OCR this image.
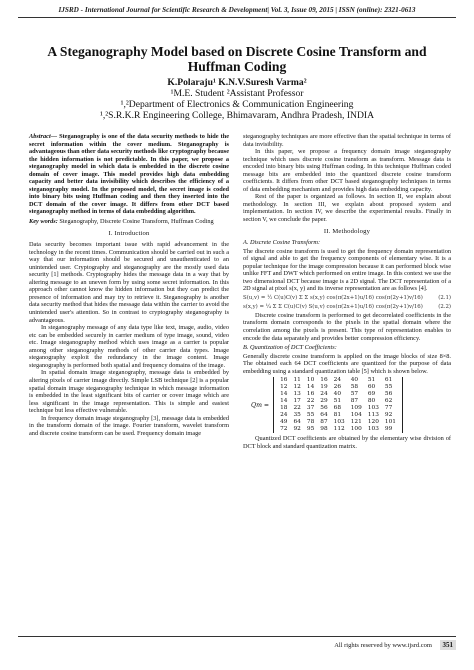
IJSRD - International Journal for Scientific Research & Development| Vol. 3, Issue 09, 2015 | ISSN (online): 2321-0613
A Steganography Model based on Discrete Cosine Transform and Huffman Coding
K.Polaraju¹ K.N.V.Suresh Varma²
¹M.E. Student ²Assistant Professor
¹,²Department of Electronics & Communication Engineering
¹,²S.R.K.R Engineering College, Bhimavaram, Andhra Pradesh, INDIA

Abstract— Steganography is one of the data security methods to hide the secret information within the cover medium. Steganography is advantageous than other data security methods like cryptography because the hidden information is not predictable. In this paper, we propose a steganography model in which data is embedded in the discrete cosine domain of cover image. This model provides high data embedding capacity and better data invisibility which describes the efficiency of a steganography model. In the proposed model, the secret image is coded into binary bits using Huffman coding and then they inserted into the DCT domain of the cover image. It differs from other DCT based steganography method in terms of data embedding algorithm.

Key words: Steganography, Discrete Cosine Transform, Huffman Coding

I. Introduction

Data security becomes important issue with rapid advancement in the technology in the recent times. Communication should be carried out in such a way that our information should be secured and unauthenticated to an unintended user. Cryptography and steganography are the mostly used data security [1] methods. Cryptography hides the message data in a way that by altering message to an uneven form by using some secret information. In this approach other cannot know the hidden information but they can predict the presence of information and may try to retrieve it. Steganography is another data security method that hides the message data within the carrier to avoid the unintended user's attention. So in contrast to cryptography steganography is advantageous.

In steganography message of any data type like text, image, audio, video etc can be embedded securely in carrier medium of type image, sound, video etc. Image steganography method which uses image as a carrier is popular among other steganography methods of other carrier data types. Image steganography exploit the redundancy in the image content. Image steganography is performed both spatial and frequency domains of the image.

In spatial domain image steganography, message data is embedded by altering pixels of carrier image directly. Simple LSB technique [2] is a popular spatial domain image steganography technique in which message information is embedded in the least significant bits of carrier or cover image which are less significant in the image representation. This is simple and easiest technique but less effective vulnerable.

In frequency domain image steganography [3], message data is embedded in the transform domain of the image. Fourier transform, wavelet transform and discrete cosine transform can be used. Frequency domain image

steganography techniques are more effective than the spatial technique in terms of data invisibility.

In this paper, we propose a frequency domain image steganography technique which uses discrete cosine transform as transform. Message data is encoded into binary bits using Huffman coding. In this technique Huffman coded message bits are embedded into the quantized discrete cosine transform coefficients. It differs from other DCT based steganography techniques in terms of data embedding mechanism and provides high data embedding capacity.

Rest of the paper is organized as follows. In section II, we explain about methodology. In section III, we explain about proposed system and implementation. In section IV, we describe the experimental results. Finally in section V, we conclude the paper.

II. Methodology
A. Discrete Cosine Transform:

The discrete cosine transform is used to get the frequency domain representation of signal and able to get the frequency components of elementary wise. It is a popular technique for the image compression because it can performed block wise unlike FFT and DWT which performed on entire image. In this context we use the two dimensional DCT because image is a 2D signal. The DCT representation of a 2D signal at pixel s(x, y) and its inverse representation are as follows [4].

S(u,v) = ½ C(u)C(v) Σ Σ s(x,y) cos(π(2x+1)u/16) cos(π(2y+1)v/16)	(2.1)
s(x,y) = ¼ Σ Σ C(u)C(v) S(u,v) cos(π(2x+1)u/16) cos(π(2y+1)v/16)	(2.2)

Discrete cosine transform is performed to get decorrelated coefficients in the transform domain corresponds to the pixels in the spatial domain where the correlation among the pixels is present. This type of representation enables to encode the data separately and provides better compression efficiency.

B. Quantization of DCT Coefficients:

Generally discrete cosine transform is applied on the image blocks of size 8×8. The obtained each 64 DCT coefficients are quantized for the purpose of data embedding using a standard quantization table [5] which is shown below.

Qm =
16	11	10	16	24	40	51	61
12	12	14	19	26	58	60	55
14	13	16	24	40	57	69	56
14	17	22	29	51	87	80	62
18	22	37	56	68	109	103	77
24	35	55	64	81	104	113	92
49	64	78	87	103	121	120	101
72	92	95	98	112	100	103	99

Quantized DCT coefficients are obtained by the elementary wise division of DCT block and standard quantization matrix.

All rights reserved by www.ijsrd.com	351
